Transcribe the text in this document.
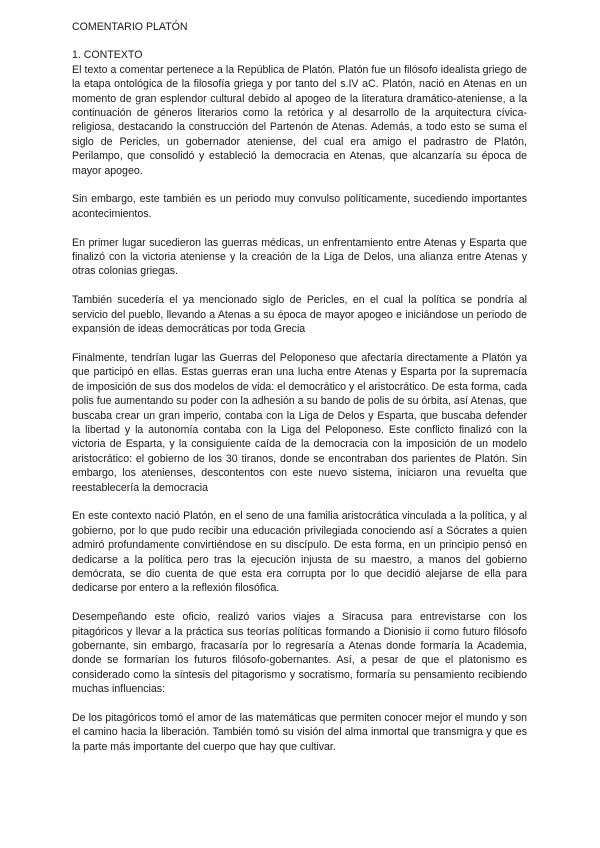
COMENTARIO PLATÓN
1. CONTEXTO

El texto a comentar pertenece a la República de Platón. Platón fue un filósofo idealista griego de la etapa ontológica de la filosofía griega y por tanto del s.IV aC. Platón, nació en Atenas en un momento de gran esplendor cultural debido al apogeo de la literatura dramático-ateniense, a la continuación de géneros literarios como la retórica y al desarrollo de la arquitectura cívica-religiosa, destacando la construcción del Partenón de Atenas. Además, a todo esto se suma el siglo de Pericles, un gobernador ateniense, del cual era amigo el padrastro de Platón, Perilampo, que consolidó y estableció la democracia en Atenas, que alcanzaría su época de mayor apogeo.

Sin embargo, este también es un periodo muy convulso políticamente, sucediendo importantes acontecimientos.

En primer lugar sucedieron las guerras médicas, un enfrentamiento entre Atenas y Esparta que finalizó con la victoria ateniense y la creación de la Liga de Delos, una alianza entre Atenas y otras colonias griegas.

También sucedería el ya mencionado siglo de Pericles, en el cual la política se pondría al servicio del pueblo, llevando a Atenas a su época de mayor apogeo e iniciándose un periodo de expansión de ideas democráticas por toda Grecia

Finalmente, tendrían lugar las Guerras del Peloponeso que afectaría directamente a Platón ya que participó en ellas. Estas guerras eran una lucha entre Atenas y Esparta por la supremacía de imposición de sus dos modelos de vida: el democrático y el aristocrático. De esta forma, cada polis fue aumentando su poder con la adhesión a su bando de polis de su órbita, así Atenas, que buscaba crear un gran imperio, contaba con la Liga de Delos y Esparta, que buscaba defender la libertad y la autonomía contaba con la Liga del Peloponeso. Este conflicto finalizó con la victoria de Esparta, y la consiguiente caída de la democracia con la imposición de un modelo aristocrático: el gobierno de los 30 tiranos, donde se encontraban dos parientes de Platón. Sin embargo, los atenienses, descontentos con este nuevo sistema, iniciaron una revuelta que reestablecería la democracia

En este contexto nació Platón, en el seno de una familia aristocrática vinculada a la política, y al gobierno, por lo que pudo recibir una educación privilegiada conociendo así a Sócrates a quien admiró profundamente convirtiéndose en su discípulo. De esta forma, en un principio pensó en dedicarse a la política pero tras la ejecución injusta de su maestro, a manos del gobierno demócrata, se dio cuenta de que esta era corrupta por lo que decidió alejarse de ella para dedicarse por entero a la reflexión filosófica.

Desempeñando este oficio, realizó varios viajes a Siracusa para entrevistarse con los pitagóricos y llevar a la práctica sus teorías políticas formando a Dionisio ii como futuro filósofo gobernante, sin embargo, fracasaría por lo regresaría a Atenas donde formaría la Academia, donde se formarían los futuros filósofo-gobernantes. Así, a pesar de que el platonismo es considerado como la síntesis del pitagorismo y socratismo, formaría su pensamiento recibiendo muchas influencias:

De los pitagóricos tomó el amor de las matemáticas que permiten conocer mejor el mundo y son el camino hacia la liberación. También tomó su visión del alma inmortal que transmigra y que es la parte más importante del cuerpo que hay que cultivar.
